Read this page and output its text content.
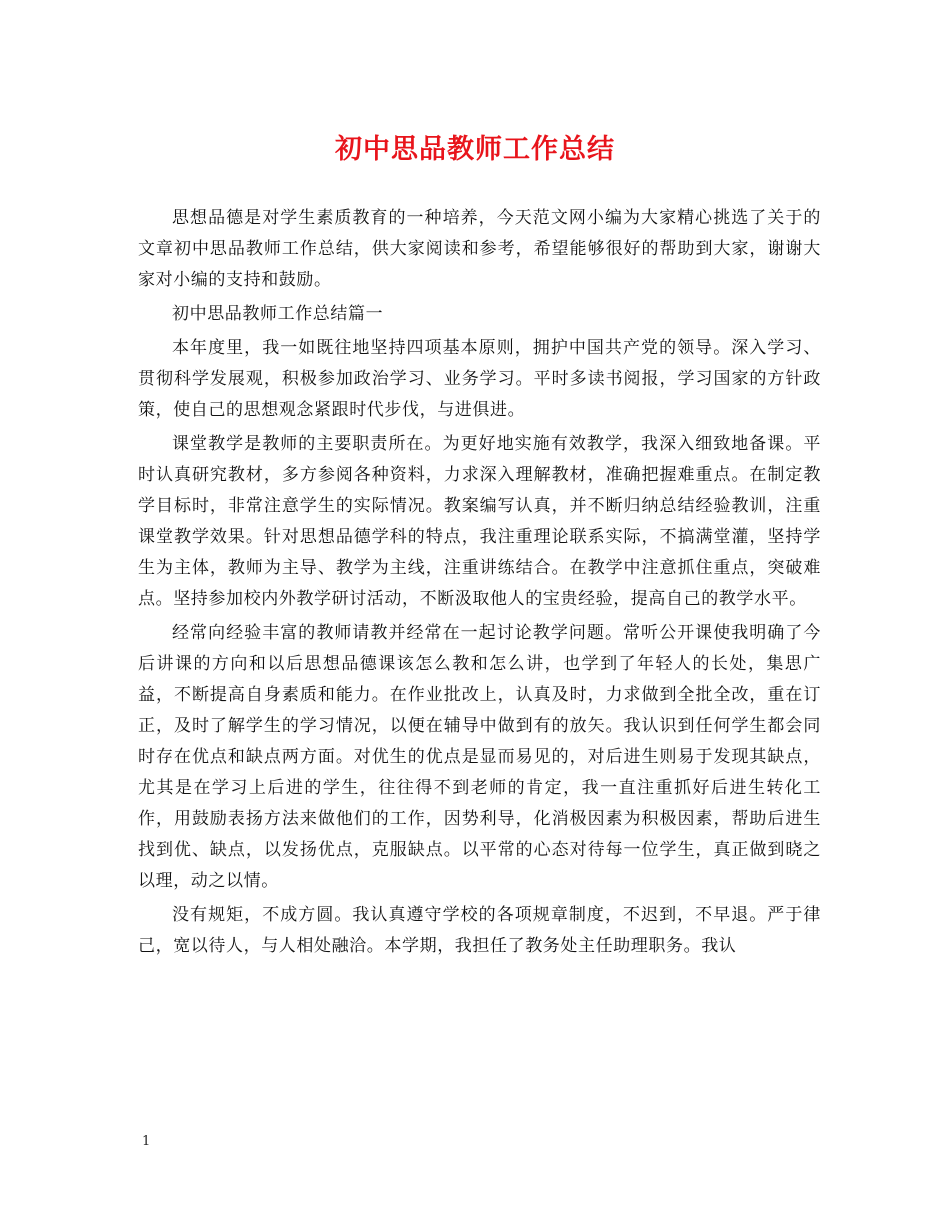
初中思品教师工作总结

思想品德是对学生素质教育的一种培养，今天范文网小编为大家精心挑选了关于的文章初中思品教师工作总结，供大家阅读和参考，希望能够很好的帮助到大家，谢谢大家对小编的支持和鼓励。

初中思品教师工作总结篇一

本年度里，我一如既往地坚持四项基本原则，拥护中国共产党的领导。深入学习、贯彻科学发展观，积极参加政治学习、业务学习。平时多读书阅报，学习国家的方针政策，使自己的思想观念紧跟时代步伐，与进俱进。

课堂教学是教师的主要职责所在。为更好地实施有效教学，我深入细致地备课。平时认真研究教材，多方参阅各种资料，力求深入理解教材，准确把握难重点。在制定教学目标时，非常注意学生的实际情况。教案编写认真，并不断归纳总结经验教训，注重课堂教学效果。针对思想品德学科的特点，我注重理论联系实际，不搞满堂灌，坚持学生为主体，教师为主导、教学为主线，注重讲练结合。在教学中注意抓住重点，突破难点。坚持参加校内外教学研讨活动，不断汲取他人的宝贵经验，提高自己的教学水平。

经常向经验丰富的教师请教并经常在一起讨论教学问题。常听公开课使我明确了今后讲课的方向和以后思想品德课该怎么教和怎么讲，也学到了年轻人的长处，集思广益，不断提高自身素质和能力。在作业批改上，认真及时，力求做到全批全改，重在订正，及时了解学生的学习情况，以便在辅导中做到有的放矢。我认识到任何学生都会同时存在优点和缺点两方面。对优生的优点是显而易见的，对后进生则易于发现其缺点，尤其是在学习上后进的学生，往往得不到老师的肯定，我一直注重抓好后进生转化工作，用鼓励表扬方法来做他们的工作，因势利导，化消极因素为积极因素，帮助后进生找到优、缺点，以发扬优点，克服缺点。以平常的心态对待每一位学生，真正做到晓之以理，动之以情。

没有规矩，不成方圆。我认真遵守学校的各项规章制度，不迟到，不早退。严于律己，宽以待人，与人相处融洽。本学期，我担任了教务处主任助理职务。我认

1
